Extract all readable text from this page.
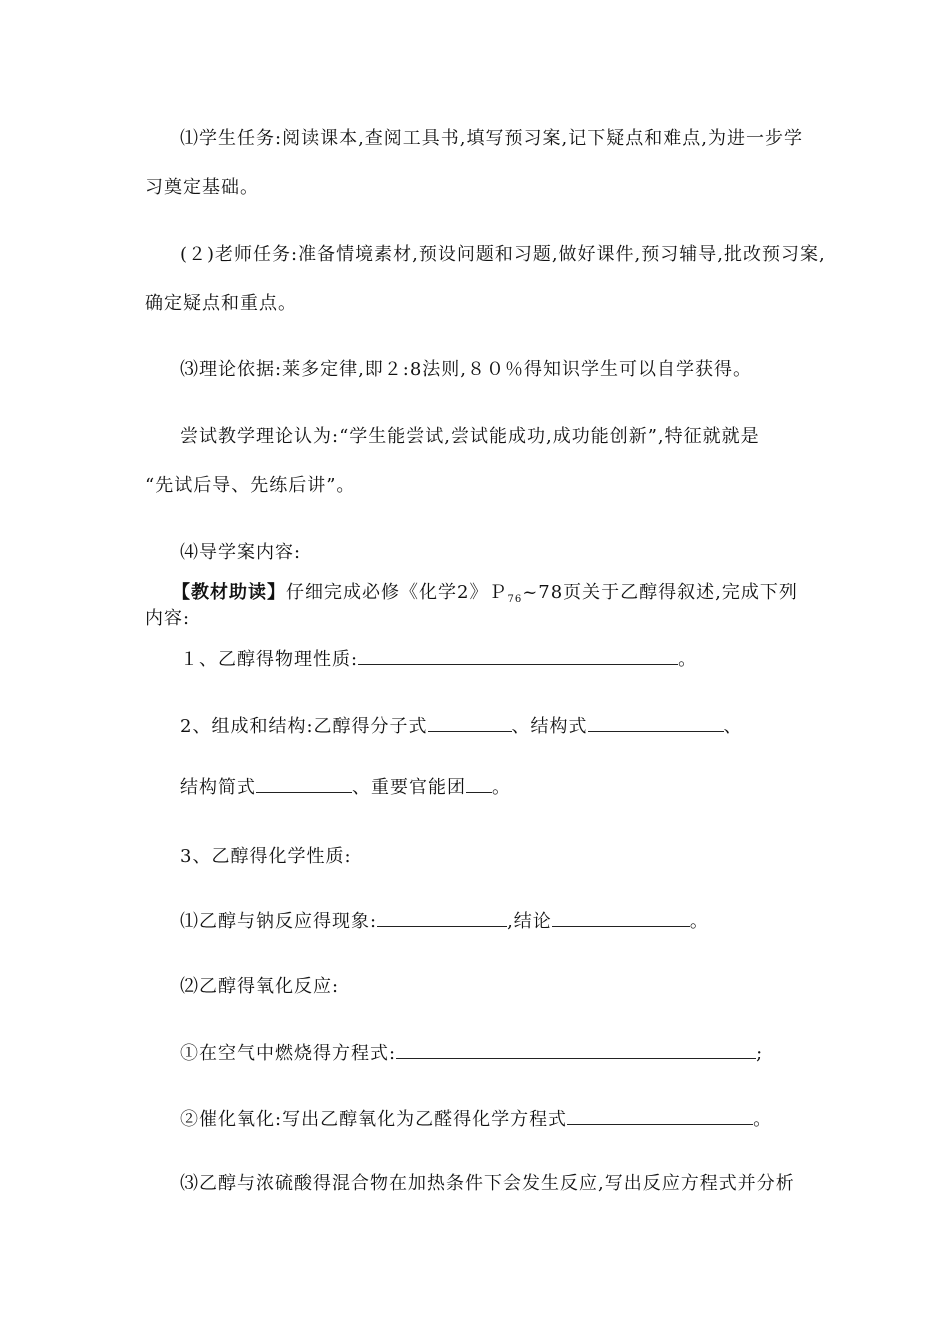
⑴学生任务:阅读课本,查阅工具书,填写预习案,记下疑点和难点,为进一步学
习奠定基础。
(２)老师任务:准备情境素材,预设问题和习题,做好课件,预习辅导,批改预习案,
确定疑点和重点。
⑶理论依据:莱多定律,即２:8法则,８０％得知识学生可以自学获得。
尝试教学理论认为:“学生能尝试,尝试能成功,成功能创新”,特征就就是
“先试后导、先练后讲”。
⑷导学案内容:
【教材助读】仔细完成必修《化学2》Ｐ$_{76}$~78页关于乙醇得叙述,完成下列
内容:
１、乙醇得物理性质:	。
2、组成和结构:乙醇得分子式	、结构式	、
结构简式	、重要官能团 。
3、乙醇得化学性质:
⑴乙醇与钠反应得现象:	,结论	。
⑵乙醇得氧化反应:
①在空气中燃烧得方程式:	;
②催化氧化:写出乙醇氧化为乙醛得化学方程式	。
⑶乙醇与浓硫酸得混合物在加热条件下会发生反应,写出反应方程式并分析
